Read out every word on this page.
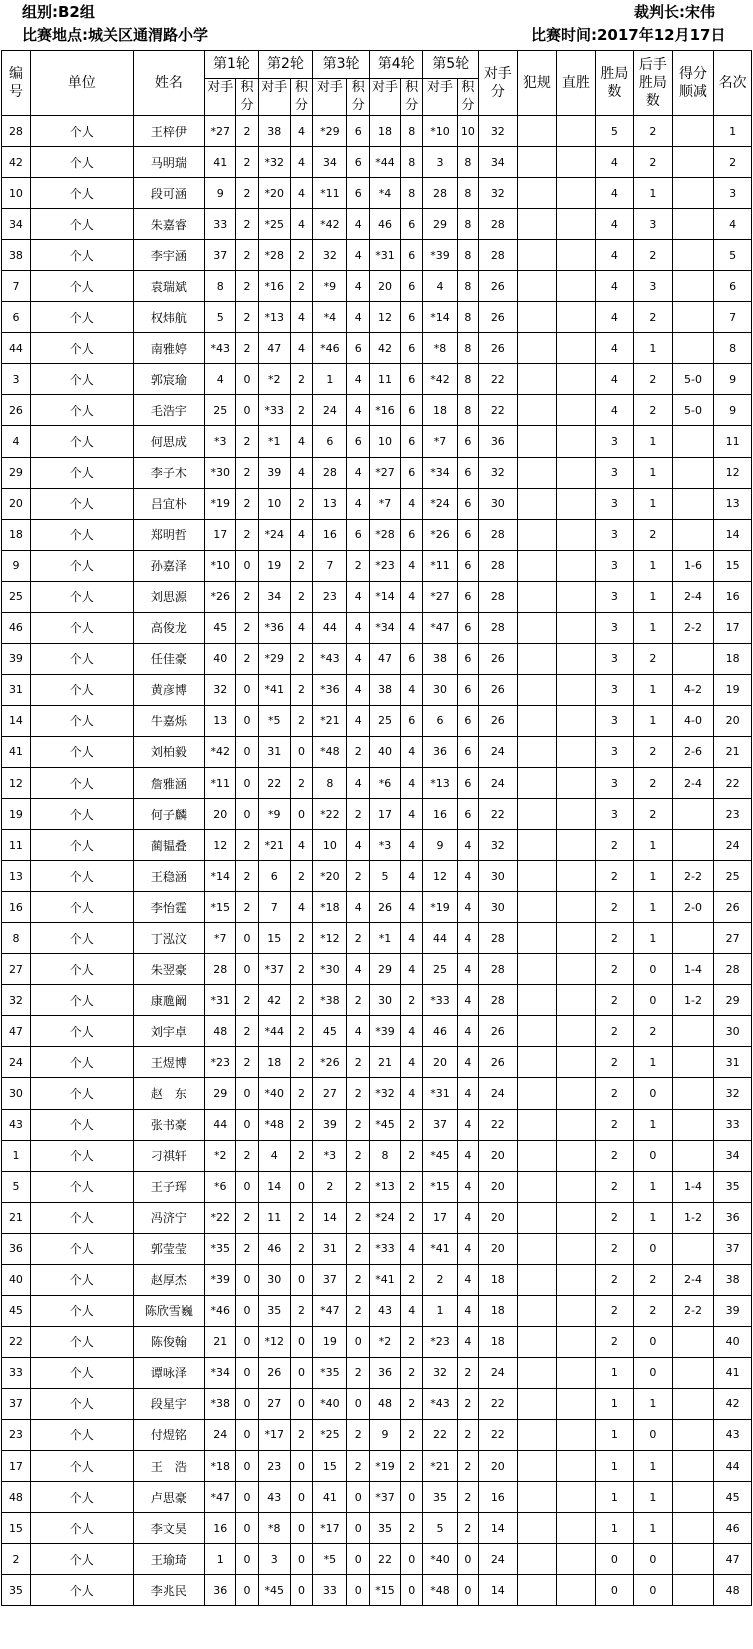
组别:B2组	裁判长:宋伟
比赛地点:城关区通渭路小学	比赛时间:2017年12月17日
编号	单位	姓名	第1轮		第2轮		第3轮		第4轮		第5轮		对手分	犯规	直胜	胜局数	后手胜局数	得分顺减	名次
			对手	积分	对手	积分	对手	积分	对手	积分	对手	积分							
28	个人	王梓伊	*27	2	38	4	*29	6	18	8	*10	10	32			5	2		1
42	个人	马明瑞	41	2	*32	4	34	6	*44	8	3	8	34			4	2		2
10	个人	段可涵	9	2	*20	4	*11	6	*4	8	28	8	32			4	1		3
34	个人	朱嘉睿	33	2	*25	4	*42	4	46	6	29	8	28			4	3		4
38	个人	李宇涵	37	2	*28	2	32	4	*31	6	*39	8	28			4	2		5
7	个人	袁瑞斌	8	2	*16	2	*9	4	20	6	4	8	26			4	3		6
6	个人	权炜航	5	2	*13	4	*4	4	12	6	*14	8	26			4	2		7
44	个人	南雅婷	*43	2	47	4	*46	6	42	6	*8	8	26			4	1		8
3	个人	郭宸瑜	4	0	*2	2	1	4	11	6	*42	8	22			4	2	5-0	9
26	个人	毛浩宇	25	0	*33	2	24	4	*16	6	18	8	22			4	2	5-0	9
4	个人	何思成	*3	2	*1	4	6	6	10	6	*7	6	36			3	1		11
29	个人	李子木	*30	2	39	4	28	4	*27	6	*34	6	32			3	1		12
20	个人	吕宜朴	*19	2	10	2	13	4	*7	4	*24	6	30			3	1		13
18	个人	郑明哲	17	2	*24	4	16	6	*28	6	*26	6	28			3	2		14
9	个人	孙嘉泽	*10	0	19	2	7	2	*23	4	*11	6	28			3	1	1-6	15
25	个人	刘思源	*26	2	34	2	23	4	*14	4	*27	6	28			3	1	2-4	16
46	个人	高俊龙	45	2	*36	4	44	4	*34	4	*47	6	28			3	1	2-2	17
39	个人	任佳豪	40	2	*29	2	*43	4	47	6	38	6	26			3	2		18
31	个人	黄彦博	32	0	*41	2	*36	4	38	4	30	6	26			3	1	4-2	19
14	个人	牛嘉烁	13	0	*5	2	*21	4	25	6	6	6	26			3	1	4-0	20
41	个人	刘柏毅	*42	0	31	0	*48	2	40	4	36	6	24			3	2	2-6	21
12	个人	詹雅涵	*11	0	22	2	8	4	*6	4	*13	6	24			3	2	2-4	22
19	个人	何子麟	20	0	*9	0	*22	2	17	4	16	6	22			3	2		23
11	个人	蔺韫叠	12	2	*21	4	10	4	*3	4	9	4	32			2	1		24
13	个人	王稳涵	*14	2	6	2	*20	2	5	4	12	4	30			2	1	2-2	25
16	个人	李怡霆	*15	2	7	4	*18	4	26	4	*19	4	30			2	1	2-0	26
8	个人	丁泓汶	*7	0	15	2	*12	2	*1	4	44	4	28			2	1		27
27	个人	朱翌豪	28	0	*37	2	*30	4	29	4	25	4	28			2	0	1-4	28
32	个人	康卼阚	*31	2	42	2	*38	2	30	2	*33	4	28			2	0	1-2	29
47	个人	刘宇卓	48	2	*44	2	45	4	*39	4	46	4	26			2	2		30
24	个人	王煜博	*23	2	18	2	*26	2	21	4	20	4	26			2	1		31
30	个人	赵　东	29	0	*40	2	27	2	*32	4	*31	4	24			2	0		32
43	个人	张书豪	44	0	*48	2	39	2	*45	2	37	4	22			2	1		33
1	个人	刁祺轩	*2	2	4	2	*3	2	8	2	*45	4	20			2	0		34
5	个人	王子珲	*6	0	14	0	2	2	*13	2	*15	4	20			2	1	1-4	35
21	个人	冯济宁	*22	2	11	2	14	2	*24	2	17	4	20			2	1	1-2	36
36	个人	郭莹莹	*35	2	46	2	31	2	*33	4	*41	4	20			2	0		37
40	个人	赵厚杰	*39	0	30	0	37	2	*41	2	2	4	18			2	2	2-4	38
45	个人	陈欣雪巍	*46	0	35	2	*47	2	43	4	1	4	18			2	2	2-2	39
22	个人	陈俊翰	21	0	*12	0	19	0	*2	2	*23	4	18			2	0		40
33	个人	谭咏泽	*34	0	26	0	*35	2	36	2	32	2	24			1	0		41
37	个人	段星宇	*38	0	27	0	*40	0	48	2	*43	2	22			1	1		42
23	个人	付煜铭	24	0	*17	2	*25	2	9	2	22	2	22			1	0		43
17	个人	王　浩	*18	0	23	0	15	2	*19	2	*21	2	20			1	1		44
48	个人	卢思豪	*47	0	43	0	41	0	*37	0	35	2	16			1	1		45
15	个人	李文昊	16	0	*8	0	*17	0	35	2	5	2	14			1	1		46
2	个人	王瑜琦	1	0	3	0	*5	0	22	0	*40	0	24			0	0		47
35	个人	李兆民	36	0	*45	0	33	0	*15	0	*48	0	14			0	0		48
